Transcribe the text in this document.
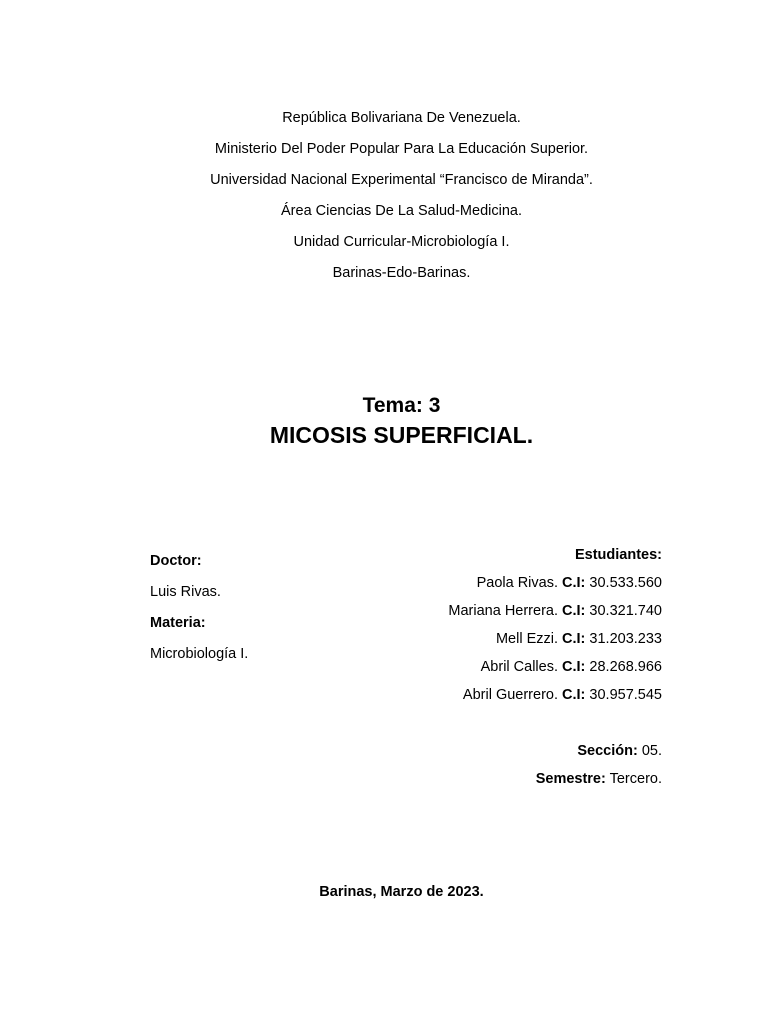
República Bolivariana De Venezuela.
Ministerio Del Poder Popular Para La Educación Superior.
Universidad Nacional Experimental “Francisco de Miranda”.
Área Ciencias De La Salud-Medicina.
Unidad Curricular-Microbiología I.
Barinas-Edo-Barinas.
Tema: 3
MICOSIS SUPERFICIAL.
Doctor:
Luis Rivas.
Materia:
Microbiología I.
Estudiantes:
Paola Rivas. C.I: 30.533.560
Mariana Herrera. C.I: 30.321.740
Mell Ezzi. C.I: 31.203.233
Abril Calles. C.I: 28.268.966
Abril Guerrero. C.I: 30.957.545
Sección: 05.
Semestre: Tercero.
Barinas, Marzo de 2023.
